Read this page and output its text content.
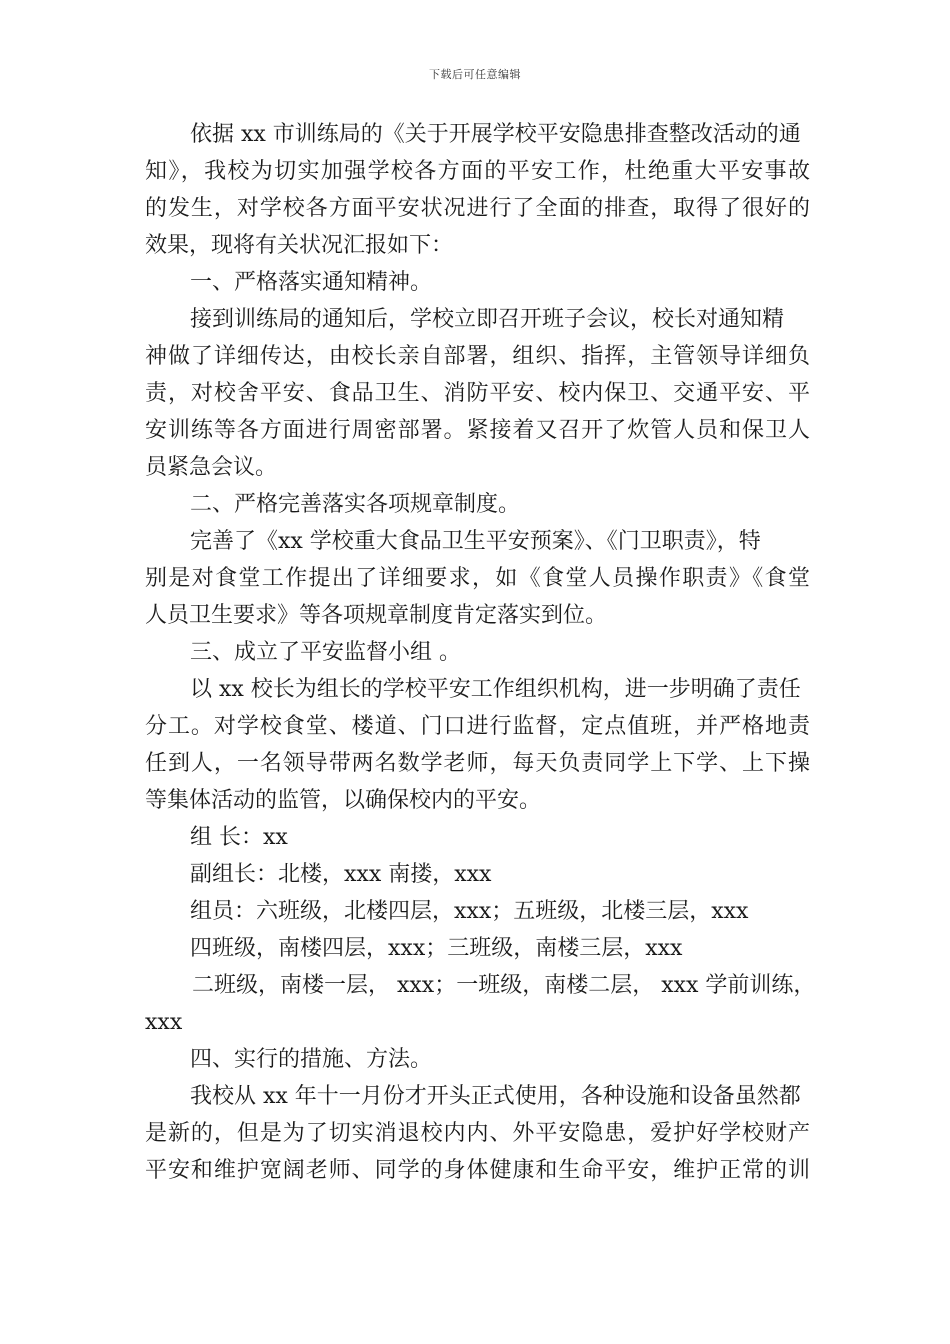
下载后可任意编辑
依据 xx 市训练局的《关于开展学校平安隐患排查整改活动的通
知》，我校为切实加强学校各方面的平安工作，杜绝重大平安事故
的发生，对学校各方面平安状况进行了全面的排查，取得了很好的
效果，现将有关状况汇报如下：
一、严格落实通知精神。
接到训练局的通知后，学校立即召开班子会议，校长对通知精
神做了详细传达，由校长亲自部署，组织、指挥，主管领导详细负
责，对校舍平安、食品卫生、消防平安、校内保卫、交通平安、平
安训练等各方面进行周密部署。紧接着又召开了炊管人员和保卫人
员紧急会议。
二、严格完善落实各项规章制度。
完善了《xx 学校重大食品卫生平安预案》、《门卫职责》，特
别是对食堂工作提出了详细要求，如《食堂人员操作职责》《食堂
人员卫生要求》等各项规章制度肯定落实到位。
三、成立了平安监督小组 。
以 xx 校长为组长的学校平安工作组织机构，进一步明确了责任
分工。对学校食堂、楼道、门口进行监督，定点值班，并严格地责
任到人，一名领导带两名数学老师，每天负责同学上下学、上下操
等集体活动的监管，以确保校内的平安。
组 长：xx
副组长：北楼，xxx 南搂，xxx
组员：六班级，北楼四层，xxx；五班级，北楼三层，xxx
四班级，南楼四层，xxx；三班级，南楼三层，xxx
二班级，南楼一层， xxx；一班级，南楼二层， xxx 学前训练，
xxx
四、实行的措施、方法。
我校从 xx 年十一月份才开头正式使用，各种设施和设备虽然都
是新的，但是为了切实消退校内内、外平安隐患，爱护好学校财产
平安和维护宽阔老师、同学的身体健康和生命平安，维护正常的训
